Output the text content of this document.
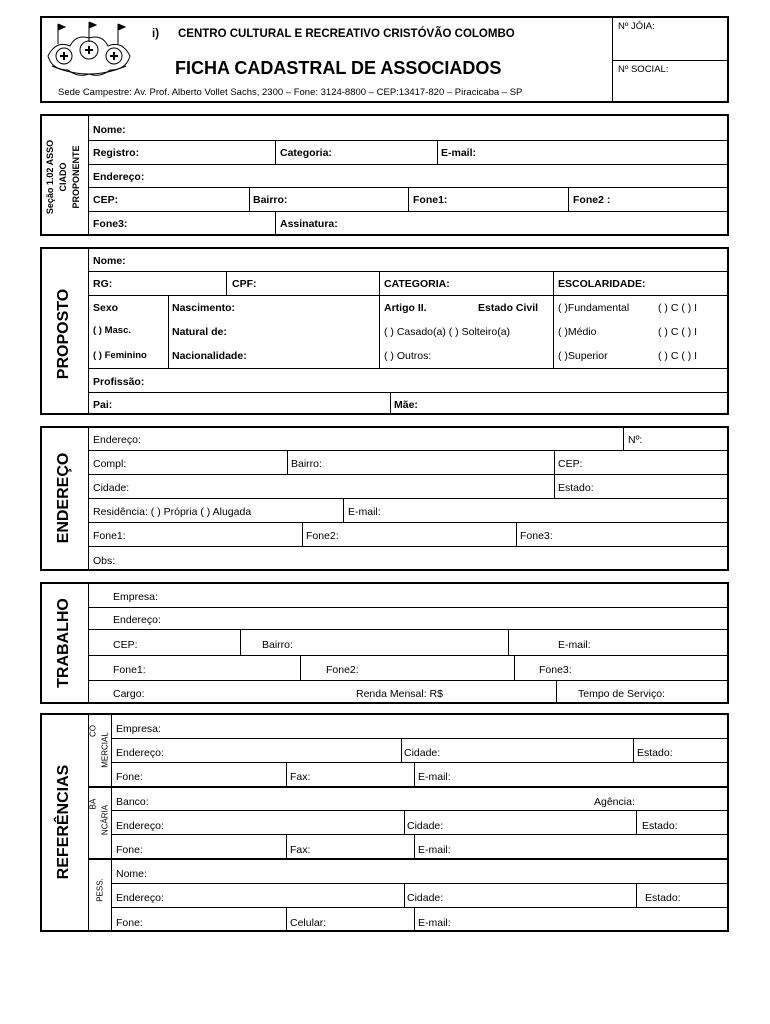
i) CENTRO CULTURAL E RECREATIVO CRISTÓVÃO COLOMBO
FICHA CADASTRAL DE ASSOCIADOS
Sede Campestre: Av. Prof. Alberto Vollet Sachs, 2300 – Fone: 3124-8800 – CEP:13417-820 – Piracicaba – SP
Nº JÓIA:
Nº SOCIAL:
Seção 1.02 ASSO CIADO PROPONENTE
Nome:
Registro:	Categoria:	E-mail:
Endereço:
CEP:	Bairro:	Fone1:	Fone2 :
Fone3:	Assinatura:
PROPOSTO
Nome:
RG:	CPF:	CATEGORIA:	ESCOLARIDADE:
Sexo	Nascimento:	Artigo II.	Estado Civil ( )Fundamental	( ) C ( ) I
( ) Masc.	Natural de:	( ) Casado(a) ( ) Solteiro(a)	( )Médio	( ) C ( ) I
( ) Feminino Nacionalidade:	( ) Outros:	( )Superior	( ) C ( ) I
Profissão:
Pai:	Mãe:
ENDEREÇO
Endereço:	Nº:
Compl:	Bairro:	CEP:
Cidade:	Estado:
Residência: ( ) Própria ( ) Alugada	E-mail:
Fone1:	Fone2:	Fone3:
Obs:
TRABALHO
Empresa:
Endereço:
CEP:	Bairro:	E-mail:
Fone1:	Fone2:	Fone3:
Cargo:	Renda Mensal: R$	Tempo de Serviço:
REFERÊNCIAS
CO
MERCIAL
BA
NCÁRIA
PESS.
Empresa:
Endereço:	Cidade:	Estado:
Fone:	Fax:	E-mail:
Banco:	Agência:
Endereço:	Cidade:	Estado:
Fone:	Fax:	E-mail:
Nome:
Endereço:	Cidade:	Estado:
Fone:	Celular:	E-mail:
